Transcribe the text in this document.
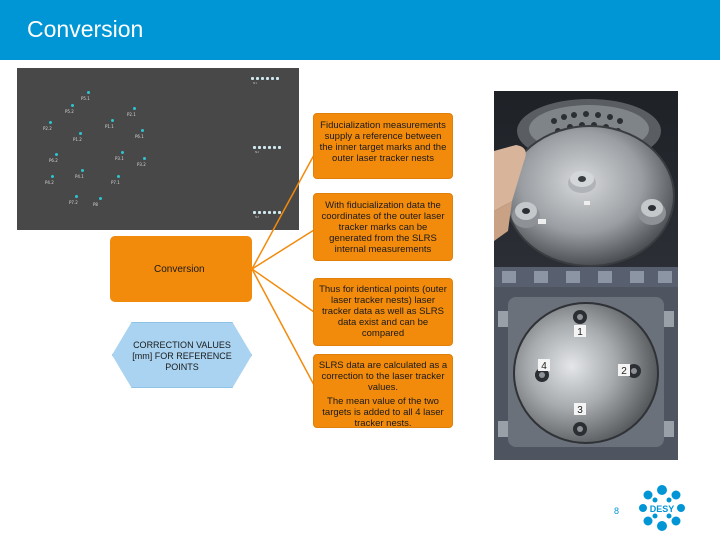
Conversion
P5.1
P5.2
P2.1
P2.2	P1.1
P1.2
P6.1
P6.2	P3.1
P3.2
P4.1
P4.2	P7.1
P7.2	P8
N1
N2
N3
Conversion
CORRECTION VALUES [mm] FOR REFERENCE POINTS
Fiducialization measurements supply a reference between the inner target marks and the outer laser tracker nests
With fiducialization data the coordinates of the outer laser tracker marks can be generated from the SLRS internal measurements
Thus for identical points (outer laser tracker nests) laser tracker data as well as SLRS data exist and can be compared
SLRS data are calculated as a correction to the laser tracker values.
The mean value of the two targets is added to all 4 laser tracker nests.
1
2
3
4
8	DESY
